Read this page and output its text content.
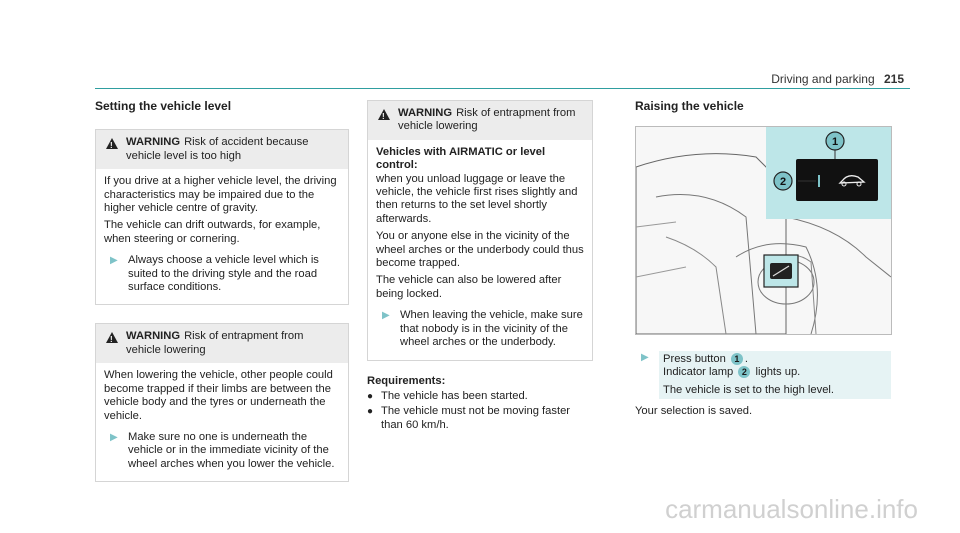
Driving and parking 215
Setting the vehicle level
!
WARNING Risk of accident because vehicle level is too high

If you drive at a higher vehicle level, the driving characteristics may be impaired due to the higher vehicle centre of gravity.

The vehicle can drift outwards, for example, when steering or cornering.

▶ Always choose a vehicle level which is suited to the driving style and the road surface conditions.
!
WARNING Risk of entrapment from vehicle lowering

When lowering the vehicle, other people could become trapped if their limbs are between the vehicle body and the tyres or underneath the vehicle.

▶ Make sure no one is underneath the vehicle or in the immediate vicinity of the wheel arches when you lower the vehicle.
!
WARNING Risk of entrapment from vehicle lowering

Vehicles with AIRMATIC or level control:

when you unload luggage or leave the vehicle, the vehicle first rises slightly and then returns to the set level shortly afterwards.

You or anyone else in the vicinity of the wheel arches or the underbody could thus become trapped.

The vehicle can also be lowered after being locked.

▶ When leaving the vehicle, make sure that nobody is in the vicinity of the wheel arches or the underbody.
Requirements:
● The vehicle has been started.
● The vehicle must not be moving faster than 60 km/h.
Raising the vehicle
▶	Press button 1 .
Indicator lamp 2 lights up.
The vehicle is set to the high level.

Your selection is saved.

1
2
carmanualsonline.info
